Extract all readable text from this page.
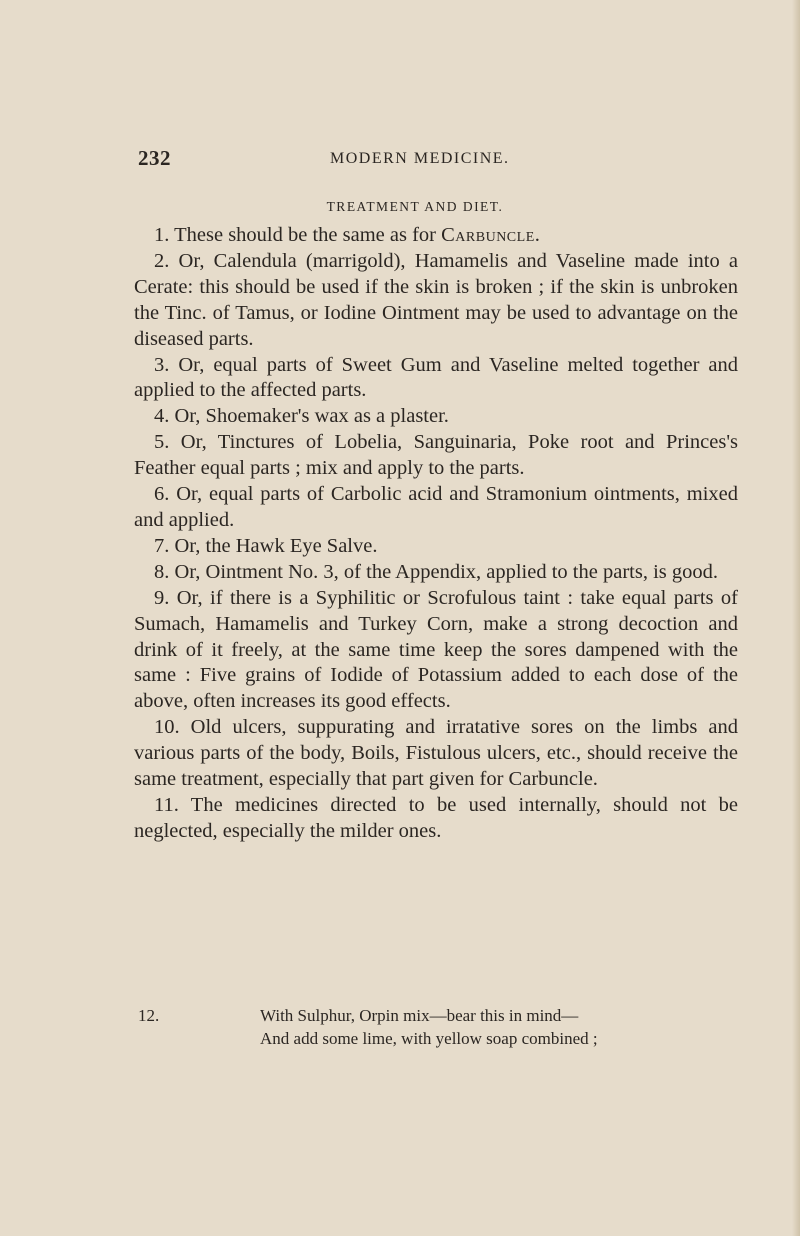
232	MODERN MEDICINE.
TREATMENT AND DIET.

1. These should be the same as for Carbuncle.

2. Or, Calendula (marrigold), Hamamelis and Vaseline made into a Cerate: this should be used if the skin is broken ; if the skin is unbroken the Tinc. of Tamus, or Iodine Ointment may be used to advantage on the diseased parts.

3. Or, equal parts of Sweet Gum and Vaseline melted together and applied to the affected parts.

4. Or, Shoemaker's wax as a plaster.

5. Or, Tinctures of Lobelia, Sanguinaria, Poke root and Princes's Feather equal parts ; mix and apply to the parts.

6. Or, equal parts of Carbolic acid and Stramonium ointments, mixed and applied.

7. Or, the Hawk Eye Salve.

8. Or, Ointment No. 3, of the Appendix, applied to the parts, is good.

9. Or, if there is a Syphilitic or Scrofulous taint : take equal parts of Sumach, Hamamelis and Turkey Corn, make a strong decoction and drink of it freely, at the same time keep the sores dampened with the same : Five grains of Iodide of Potassium added to each dose of the above, often increases its good effects.

10. Old ulcers, suppurating and irratative sores on the limbs and various parts of the body, Boils, Fistulous ulcers, etc., should receive the same treatment, especially that part given for Carbuncle.

11. The medicines directed to be used internally, should not be neglected, especially the milder ones.

12.	With Sulphur, Orpin mix—bear this in mind—
And add some lime, with yellow soap combined ;
